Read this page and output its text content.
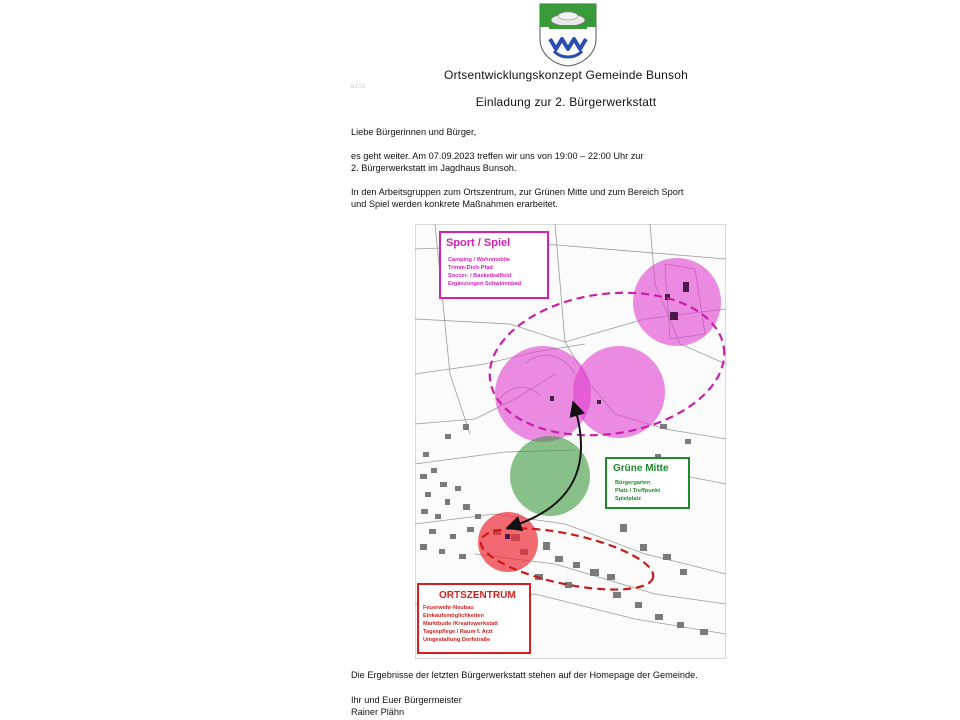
Ortsentwicklungskonzept Gemeinde Bunsoh
e.f.l.f.
Einladung zur 2. Bürgerwerkstatt
Liebe Bürgerinnen und Bürger,
es geht weiter. Am 07.09.2023 treffen wir uns von 19:00 – 22:00 Uhr zur
2. Bürgerwerkstatt im Jagdhaus Bunsoh.
In den Arbeitsgruppen zum Ortszentrum, zur Grünen Mitte und zum Bereich Sport
und Spiel werden konkrete Maßnahmen erarbeitet.
Sport / Spiel
Camping / Wohnmobile
Trimm-Dich-Pfad
Soccer- / Basketballfeld
Ergänzungen Schwimmbad
Grüne Mitte
Bürgergarten
Platz / Treffpunkt
Spielplatz
ORTSZENTRUM
Feuerwehr-Neubau
Einkaufsmöglichkeiten
Marktbude /Kreativwerkstatt
Tagespflege / Raum f. Arzt
Umgestaltung Dorfstraße
Die Ergebnisse der letzten Bürgerwerkstatt stehen auf der Homepage der Gemeinde.
Ihr und Euer Bürgermeister
Rainer Plähn
